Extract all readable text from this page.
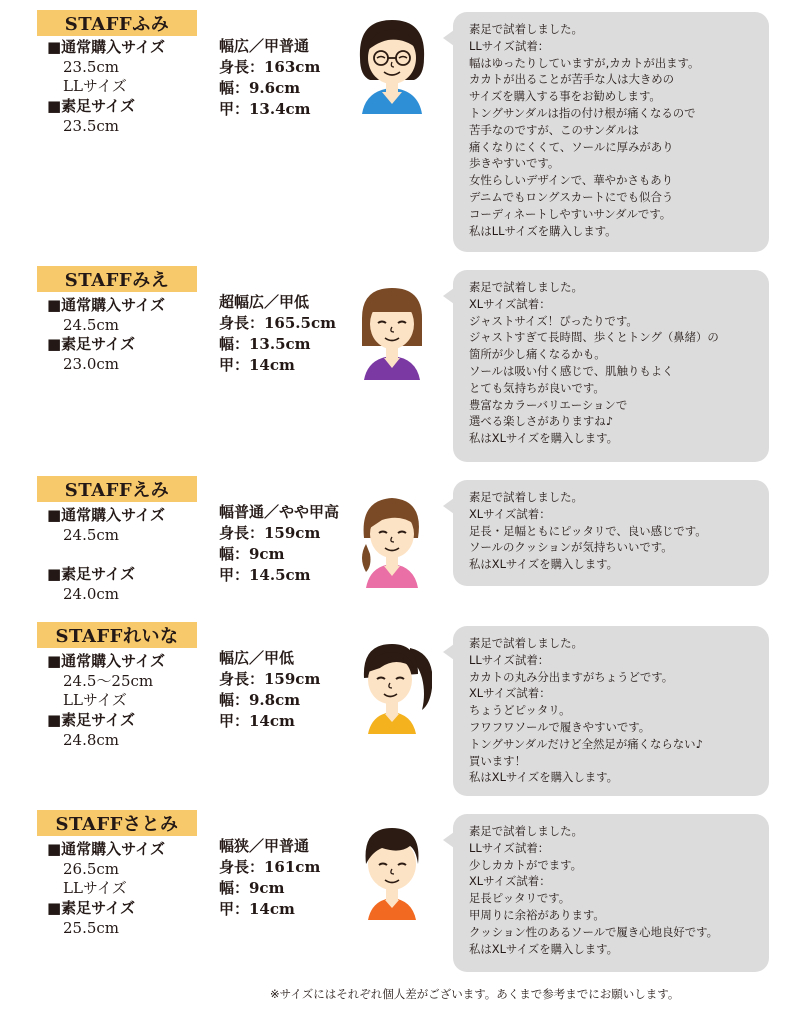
STAFFふみ
■通常購入サイズ
23.5cm
LLサイズ
■素足サイズ
23.5cm
幅広／甲普通
身長：163cm
幅：9.6cm
甲：13.4cm
素足で試着しました。
LLサイズ試着：
幅はゆったりしていますが,カカトが出ます。
カカトが出ることが苦手な人は大きめの
サイズを購入する事をお勧めします。
トングサンダルは指の付け根が痛くなるので
苦手なのですが、このサンダルは
痛くなりにくくて、ソールに厚みがあり
歩きやすいです。
女性らしいデザインで、華やかさもあり
デニムでもロングスカートにでも似合う
コーディネートしやすいサンダルです。
私はLLサイズを購入します。
STAFFみえ
■通常購入サイズ
24.5cm
■素足サイズ
23.0cm
超幅広／甲低
身長：165.5cm
幅：13.5cm
甲：14cm
素足で試着しました。
XLサイズ試着：
ジャストサイズ！ぴったりです。
ジャストすぎて長時間、歩くとトング（鼻緒）の
箇所が少し痛くなるかも。
ソールは吸い付く感じで、肌触りもよく
とても気持ちが良いです。
豊富なカラーバリエーションで
選べる楽しさがありますね♪
私はXLサイズを購入します。
STAFFえみ
■通常購入サイズ
24.5cm

■素足サイズ
24.0cm
幅普通／やや甲高
身長：159cm
幅：9cm
甲：14.5cm
素足で試着しました。
XLサイズ試着：
足長・足幅ともにピッタリで、良い感じです。
ソールのクッションが気持ちいいです。
私はXLサイズを購入します。
STAFFれいな
■通常購入サイズ
24.5〜25cm
LLサイズ
■素足サイズ
24.8cm
幅広／甲低
身長：159cm
幅：9.8cm
甲：14cm
素足で試着しました。
LLサイズ試着：
カカトの丸み分出ますがちょうどです。
XLサイズ試着：
ちょうどピッタリ。
フワフワソールで履きやすいです。
トングサンダルだけど全然足が痛くならない♪
買います！
私はXLサイズを購入します。
STAFFさとみ
■通常購入サイズ
26.5cm
LLサイズ
■素足サイズ
25.5cm
幅狭／甲普通
身長：161cm
幅：9cm
甲：14cm
素足で試着しました。
LLサイズ試着：
少しカカトがでます。
XLサイズ試着：
足長ピッタリです。
甲周りに余裕があります。
クッション性のあるソールで履き心地良好です。
私はXLサイズを購入します。
※サイズにはそれぞれ個人差がございます。あくまで参考までにお願いします。
